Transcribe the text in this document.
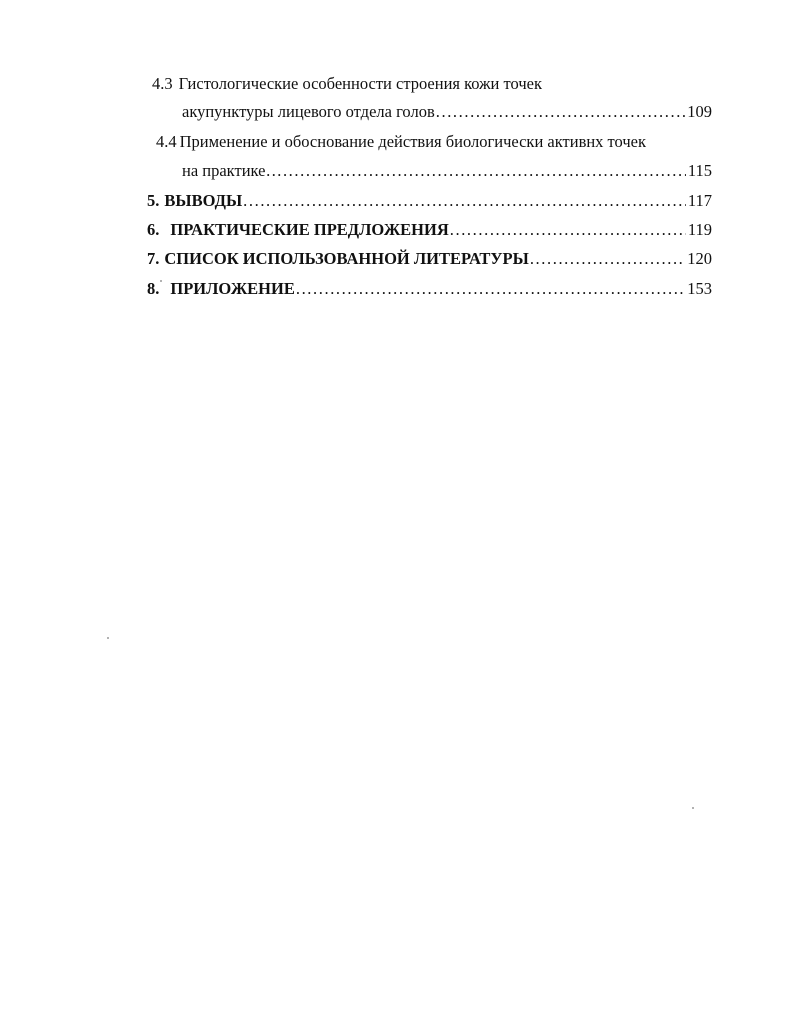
4.3 Гистологические особенности строения кожи точек
акупунктуры лицевого отдела голов .....	109
4.4 Применение и обоснование действия биологически активнх точек
на практике… .....	115
5. ВЫВОДЫ .....	117
6. ПРАКТИЧЕСКИЕ ПРЕДЛОЖЕНИЯ .....	119
7. СПИСОК ИСПОЛЬЗОВАННОЙ ЛИТЕРАТУРЫ .....	120
8. ПРИЛОЖЕНИЕ .....	153
